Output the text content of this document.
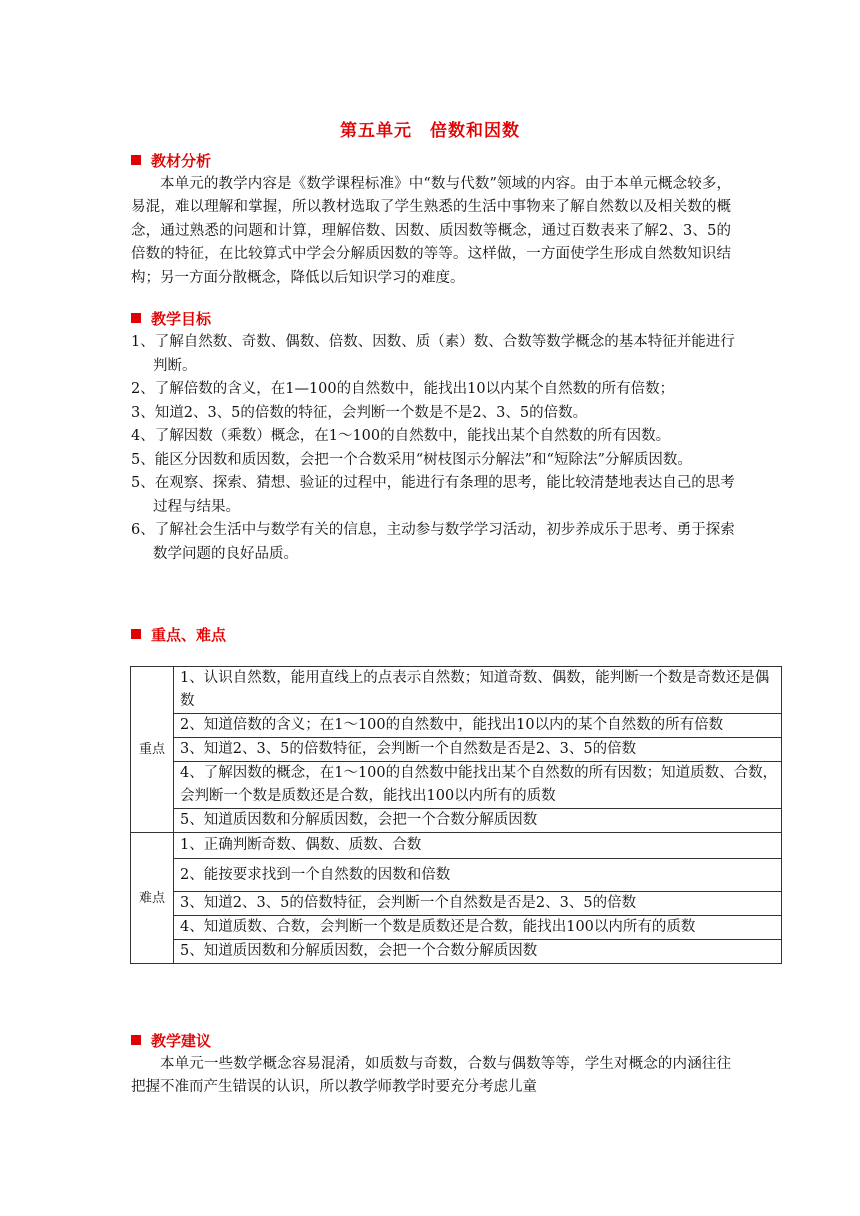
第五单元　倍数和因数
教材分析
本单元的教学内容是《数学课程标准》中“数与代数”领域的内容。由于本单元概念较多，易混，难以理解和掌握，所以教材选取了学生熟悉的生活中事物来了解自然数以及相关数的概念，通过熟悉的问题和计算，理解倍数、因数、质因数等概念，通过百数表来了解2、3、5的倍数的特征，在比较算式中学会分解质因数的等等。这样做，一方面使学生形成自然数知识结构；另一方面分散概念，降低以后知识学习的难度。
教学目标
1、了解自然数、奇数、偶数、倍数、因数、质（素）数、合数等数学概念的基本特征并能进行判断。
2、了解倍数的含义，在1—100的自然数中，能找出10以内某个自然数的所有倍数；
3、知道2、3、5的倍数的特征，会判断一个数是不是2、3、5的倍数。
4、了解因数（乘数）概念，在1～100的自然数中，能找出某个自然数的所有因数。
5、能区分因数和质因数，会把一个合数采用“树枝图示分解法”和“短除法”分解质因数。
5、在观察、探索、猜想、验证的过程中，能进行有条理的思考，能比较清楚地表达自己的思考过程与结果。
6、了解社会生活中与数学有关的信息，主动参与数学学习活动，初步养成乐于思考、勇于探索数学问题的良好品质。
重点、难点
重点	1、认识自然数，能用直线上的点表示自然数；知道奇数、偶数，能判断一个数是奇数还是偶数
	2、知道倍数的含义；在1～100的自然数中，能找出10以内的某个自然数的所有倍数
	3、知道2、3、5的倍数特征，会判断一个自然数是否是2、3、5的倍数
	4、了解因数的概念，在1～100的自然数中能找出某个自然数的所有因数；知道质数、合数，会判断一个数是质数还是合数，能找出100以内所有的质数
	5、知道质因数和分解质因数，会把一个合数分解质因数
难点	1、正确判断奇数、偶数、质数、合数
	2、能按要求找到一个自然数的因数和倍数
	3、知道2、3、5的倍数特征，会判断一个自然数是否是2、3、5的倍数
	4、知道质数、合数，会判断一个数是质数还是合数，能找出100以内所有的质数
	5、知道质因数和分解质因数，会把一个合数分解质因数
教学建议
本单元一些数学概念容易混淆，如质数与奇数，合数与偶数等等，学生对概念的内涵往往把握不准而产生错误的认识，所以教学师教学时要充分考虑儿童
